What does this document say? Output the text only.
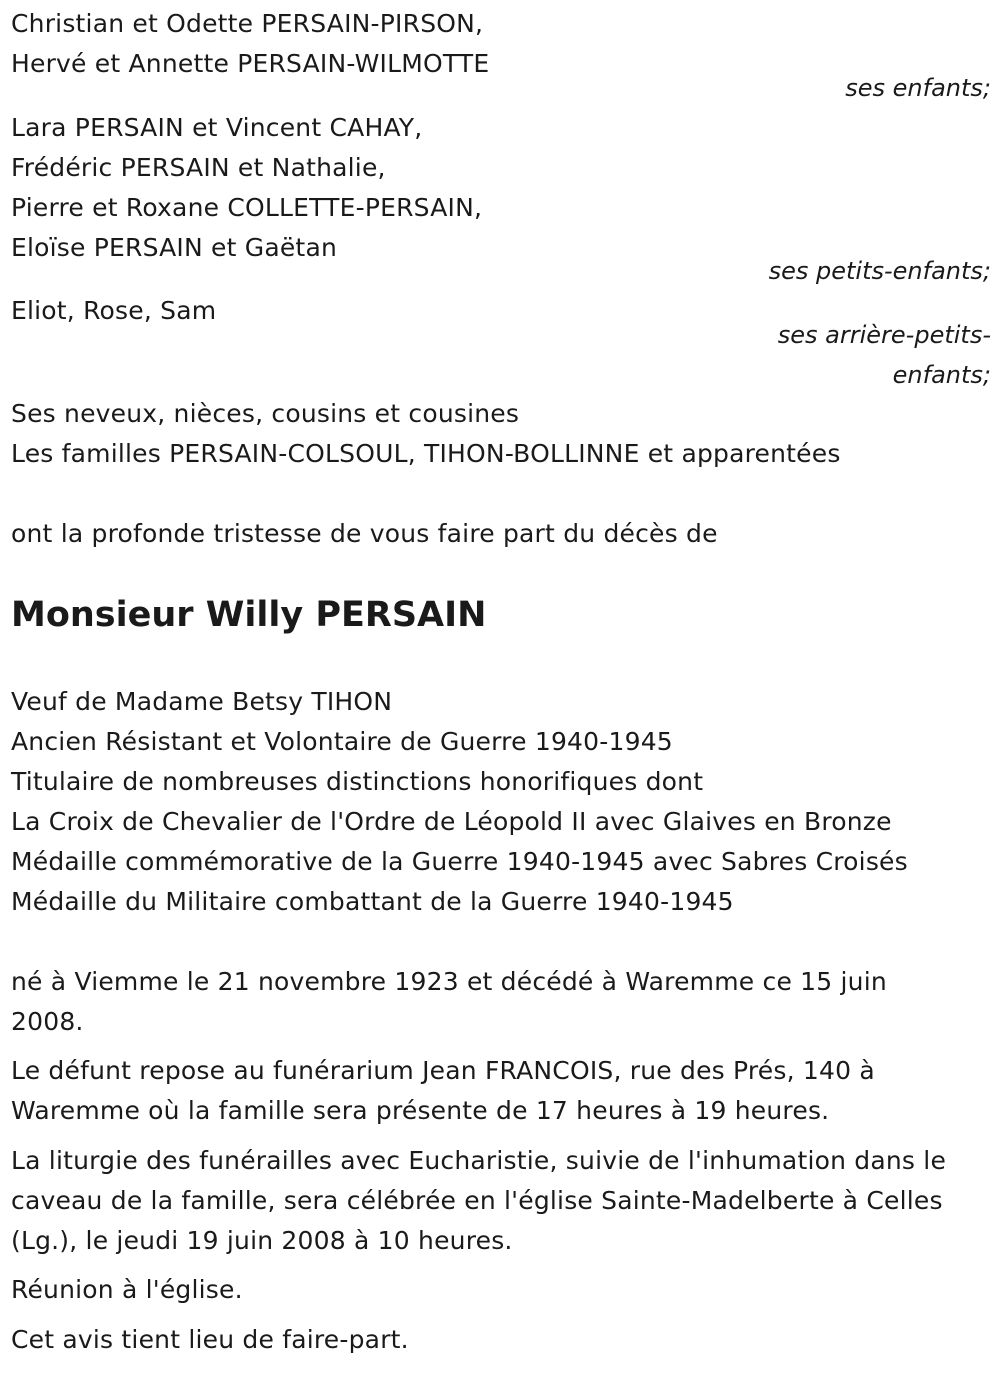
Christian et Odette PERSAIN-PIRSON,
Hervé et Annette PERSAIN-WILMOTTE
ses enfants;
Lara PERSAIN et Vincent CAHAY,
Frédéric PERSAIN et Nathalie,
Pierre et Roxane COLLETTE-PERSAIN,
Eloïse PERSAIN et Gaëtan
ses petits-enfants;
Eliot, Rose, Sam
ses arrière-petits-
enfants;
Ses neveux, nièces, cousins et cousines
Les familles PERSAIN-COLSOUL, TIHON-BOLLINNE et apparentées
ont la profonde tristesse de vous faire part du décès de
Monsieur Willy PERSAIN
Veuf de Madame Betsy TIHON
Ancien Résistant et Volontaire de Guerre 1940-1945
Titulaire de nombreuses distinctions honorifiques dont
La Croix de Chevalier de l'Ordre de Léopold II avec Glaives en Bronze
Médaille commémorative de la Guerre 1940-1945 avec Sabres Croisés
Médaille du Militaire combattant de la Guerre 1940-1945
né à Viemme le 21 novembre 1923 et décédé à Waremme ce 15 juin
2008.
Le défunt repose au funérarium Jean FRANCOIS, rue des Prés, 140 à
Waremme où la famille sera présente de 17 heures à 19 heures.
La liturgie des funérailles avec Eucharistie, suivie de l'inhumation dans le
caveau de la famille, sera célébrée en l'église Sainte-Madelberte à Celles
(Lg.), le jeudi 19 juin 2008 à 10 heures.
Réunion à l'église.
Cet avis tient lieu de faire-part.
